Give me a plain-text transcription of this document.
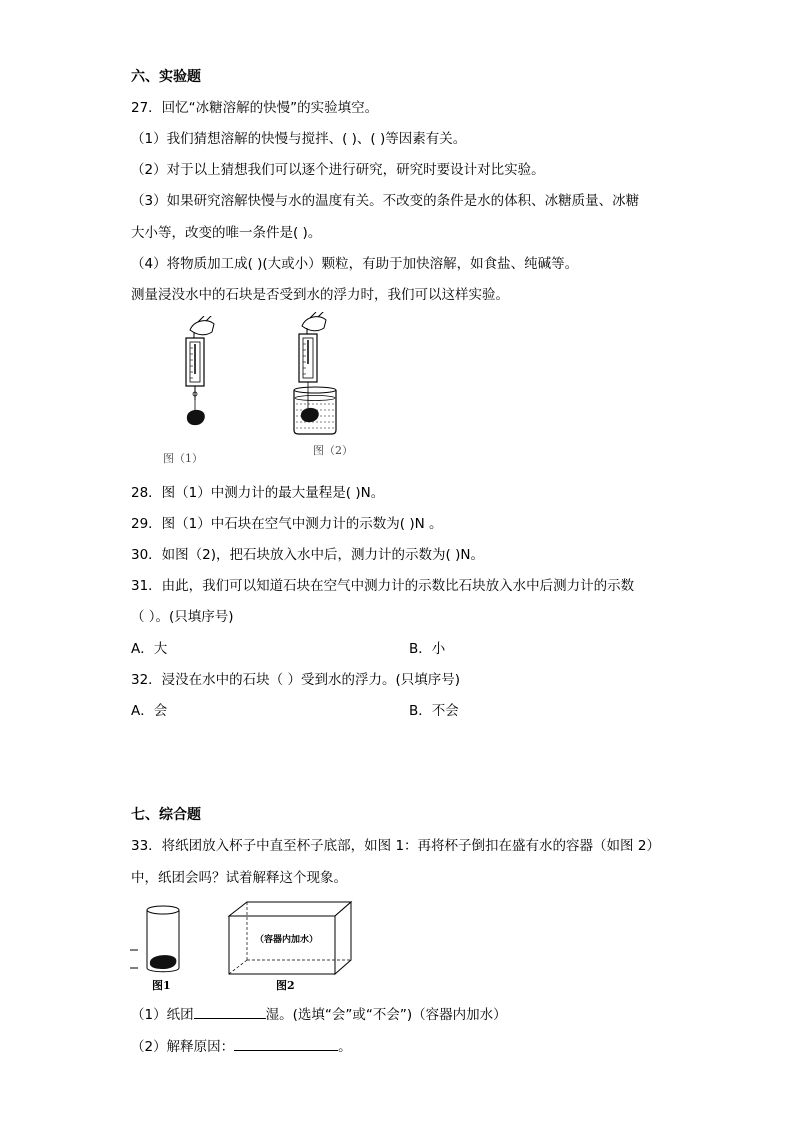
六、实验题
27．回忆“冰糖溶解的快慢”的实验填空。
（1）我们猜想溶解的快慢与搅拌、( )、( )等因素有关。
（2）对于以上猜想我们可以逐个进行研究，研究时要设计对比实验。
（3）如果研究溶解快慢与水的温度有关。不改变的条件是水的体积、冰糖质量、冰糖
大小等，改变的唯一条件是( )。
（4）将物质加工成( )(大或小）颗粒，有助于加快溶解，如食盐、纯碱等。
测量浸没水中的石块是否受到水的浮力时，我们可以这样实验。
图（1）
图（2）
28．图（1）中测力计的最大量程是( )N。
29．图（1）中石块在空气中测力计的示数为( )N 。
30．如图（2)，把石块放入水中后，测力计的示数为( )N。
31．由此，我们可以知道石块在空气中测力计的示数比石块放入水中后测力计的示数
（ ）。(只填序号)
A．大	B．小
32．浸没在水中的石块（ ）受到水的浮力。(只填序号)
A．会	B．不会
七、综合题
33．将纸团放入杯子中直至杯子底部，如图 1：再将杯子倒扣在盛有水的容器（如图 2）
中，纸团会吗？试着解释这个现象。
图1
（容器内加水）
图2
（1）纸团	湿。(选填“会”或“不会”)（容器内加水）
（2）解释原因：	。
